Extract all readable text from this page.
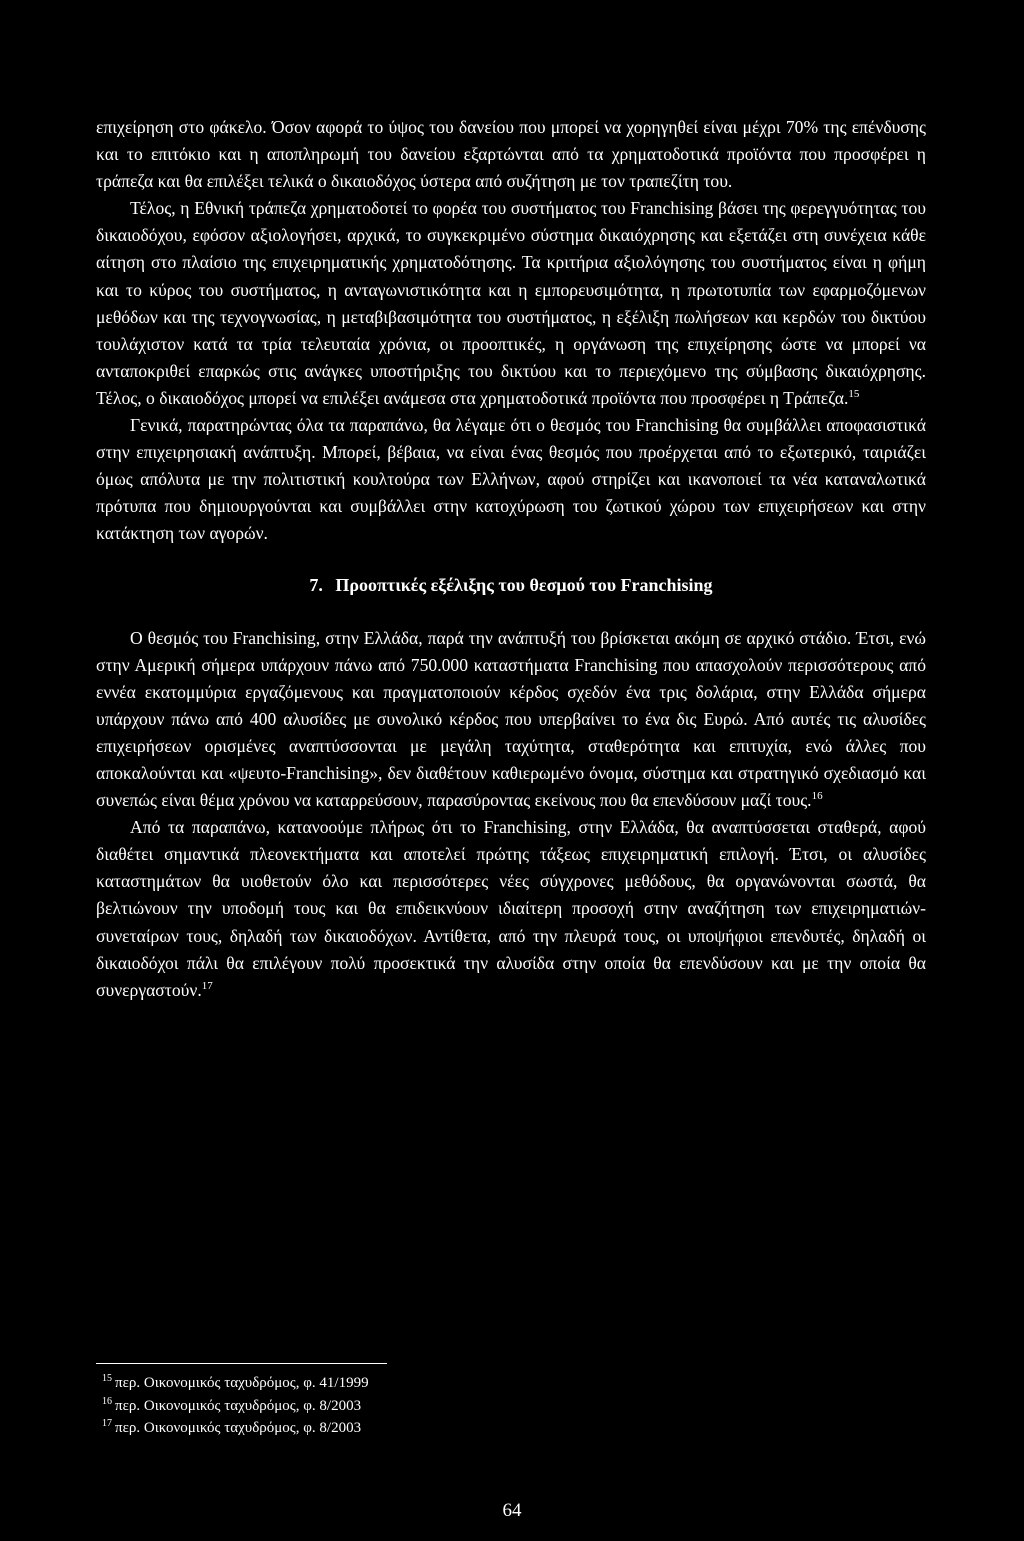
επιχείρηση στο φάκελο. Όσον αφορά το ύψος του δανείου που μπορεί να χορηγηθεί είναι μέχρι 70% της επένδυσης και το επιτόκιο και η αποπληρωμή του δανείου εξαρτώνται από τα χρηματοδοτικά προϊόντα που προσφέρει η τράπεζα και θα επιλέξει τελικά ο δικαιοδόχος ύστερα από συζήτηση με τον τραπεζίτη του.

Τέλος, η Εθνική τράπεζα χρηματοδοτεί το φορέα του συστήματος του Franchising βάσει της φερεγγυότητας του δικαιοδόχου, εφόσον αξιολογήσει, αρχικά, το συγκεκριμένο σύστημα δικαιόχρησης και εξετάζει στη συνέχεια κάθε αίτηση στο πλαίσιο της επιχειρηματικής χρηματοδότησης. Τα κριτήρια αξιολόγησης του συστήματος είναι η φήμη και το κύρος του συστήματος, η ανταγωνιστικότητα και η εμπορευσιμότητα, η πρωτοτυπία των εφαρμοζόμενων μεθόδων και της τεχνογνωσίας, η μεταβιβασιμότητα του συστήματος, η εξέλιξη πωλήσεων και κερδών του δικτύου τουλάχιστον κατά τα τρία τελευταία χρόνια, οι προοπτικές, η οργάνωση της επιχείρησης ώστε να μπορεί να ανταποκριθεί επαρκώς στις ανάγκες υποστήριξης του δικτύου και το περιεχόμενο της σύμβασης δικαιόχρησης. Τέλος, ο δικαιοδόχος μπορεί να επιλέξει ανάμεσα στα χρηματοδοτικά προϊόντα που προσφέρει η Τράπεζα.$^{15}$

Γενικά, παρατηρώντας όλα τα παραπάνω, θα λέγαμε ότι ο θεσμός του Franchising θα συμβάλλει αποφασιστικά στην επιχειρησιακή ανάπτυξη. Μπορεί, βέβαια, να είναι ένας θεσμός που προέρχεται από το εξωτερικό, ταιριάζει όμως απόλυτα με την πολιτιστική κουλτούρα των Ελλήνων, αφού στηρίζει και ικανοποιεί τα νέα καταναλωτικά πρότυπα που δημιουργούνται και συμβάλλει στην κατοχύρωση του ζωτικού χώρου των επιχειρήσεων και στην κατάκτηση των αγορών.

7. Προοπτικές εξέλιξης του θεσμού του Franchising

Ο θεσμός του Franchising, στην Ελλάδα, παρά την ανάπτυξή του βρίσκεται ακόμη σε αρχικό στάδιο. Έτσι, ενώ στην Αμερική σήμερα υπάρχουν πάνω από 750.000 καταστήματα Franchising που απασχολούν περισσότερους από εννέα εκατομμύρια εργαζόμενους και πραγματοποιούν κέρδος σχεδόν ένα τρις δολάρια, στην Ελλάδα σήμερα υπάρχουν πάνω από 400 αλυσίδες με συνολικό κέρδος που υπερβαίνει το ένα δις Ευρώ. Από αυτές τις αλυσίδες επιχειρήσεων ορισμένες αναπτύσσονται με μεγάλη ταχύτητα, σταθερότητα και επιτυχία, ενώ άλλες που αποκαλούνται και «ψευτο-Franchising», δεν διαθέτουν καθιερωμένο όνομα, σύστημα και στρατηγικό σχεδιασμό και συνεπώς είναι θέμα χρόνου να καταρρεύσουν, παρασύροντας εκείνους που θα επενδύσουν μαζί τους.$^{16}$

Από τα παραπάνω, κατανοούμε πλήρως ότι το Franchising, στην Ελλάδα, θα αναπτύσσεται σταθερά, αφού διαθέτει σημαντικά πλεονεκτήματα και αποτελεί πρώτης τάξεως επιχειρηματική επιλογή. Έτσι, οι αλυσίδες καταστημάτων θα υιοθετούν όλο και περισσότερες νέες σύγχρονες μεθόδους, θα οργανώνονται σωστά, θα βελτιώνουν την υποδομή τους και θα επιδεικνύουν ιδιαίτερη προσοχή στην αναζήτηση των επιχειρηματιών-συνεταίρων τους, δηλαδή των δικαιοδόχων. Αντίθετα, από την πλευρά τους, οι υποψήφιοι επενδυτές, δηλαδή οι δικαιοδόχοι πάλι θα επιλέγουν πολύ προσεκτικά την αλυσίδα στην οποία θα επενδύσουν και με την οποία θα συνεργαστούν.$^{17}$

$^{15}$ περ. Οικονομικός ταχυδρόμος, φ. 41/1999
$^{16}$ περ. Οικονομικός ταχυδρόμος, φ. 8/2003
$^{17}$ περ. Οικονομικός ταχυδρόμος, φ. 8/2003
64
